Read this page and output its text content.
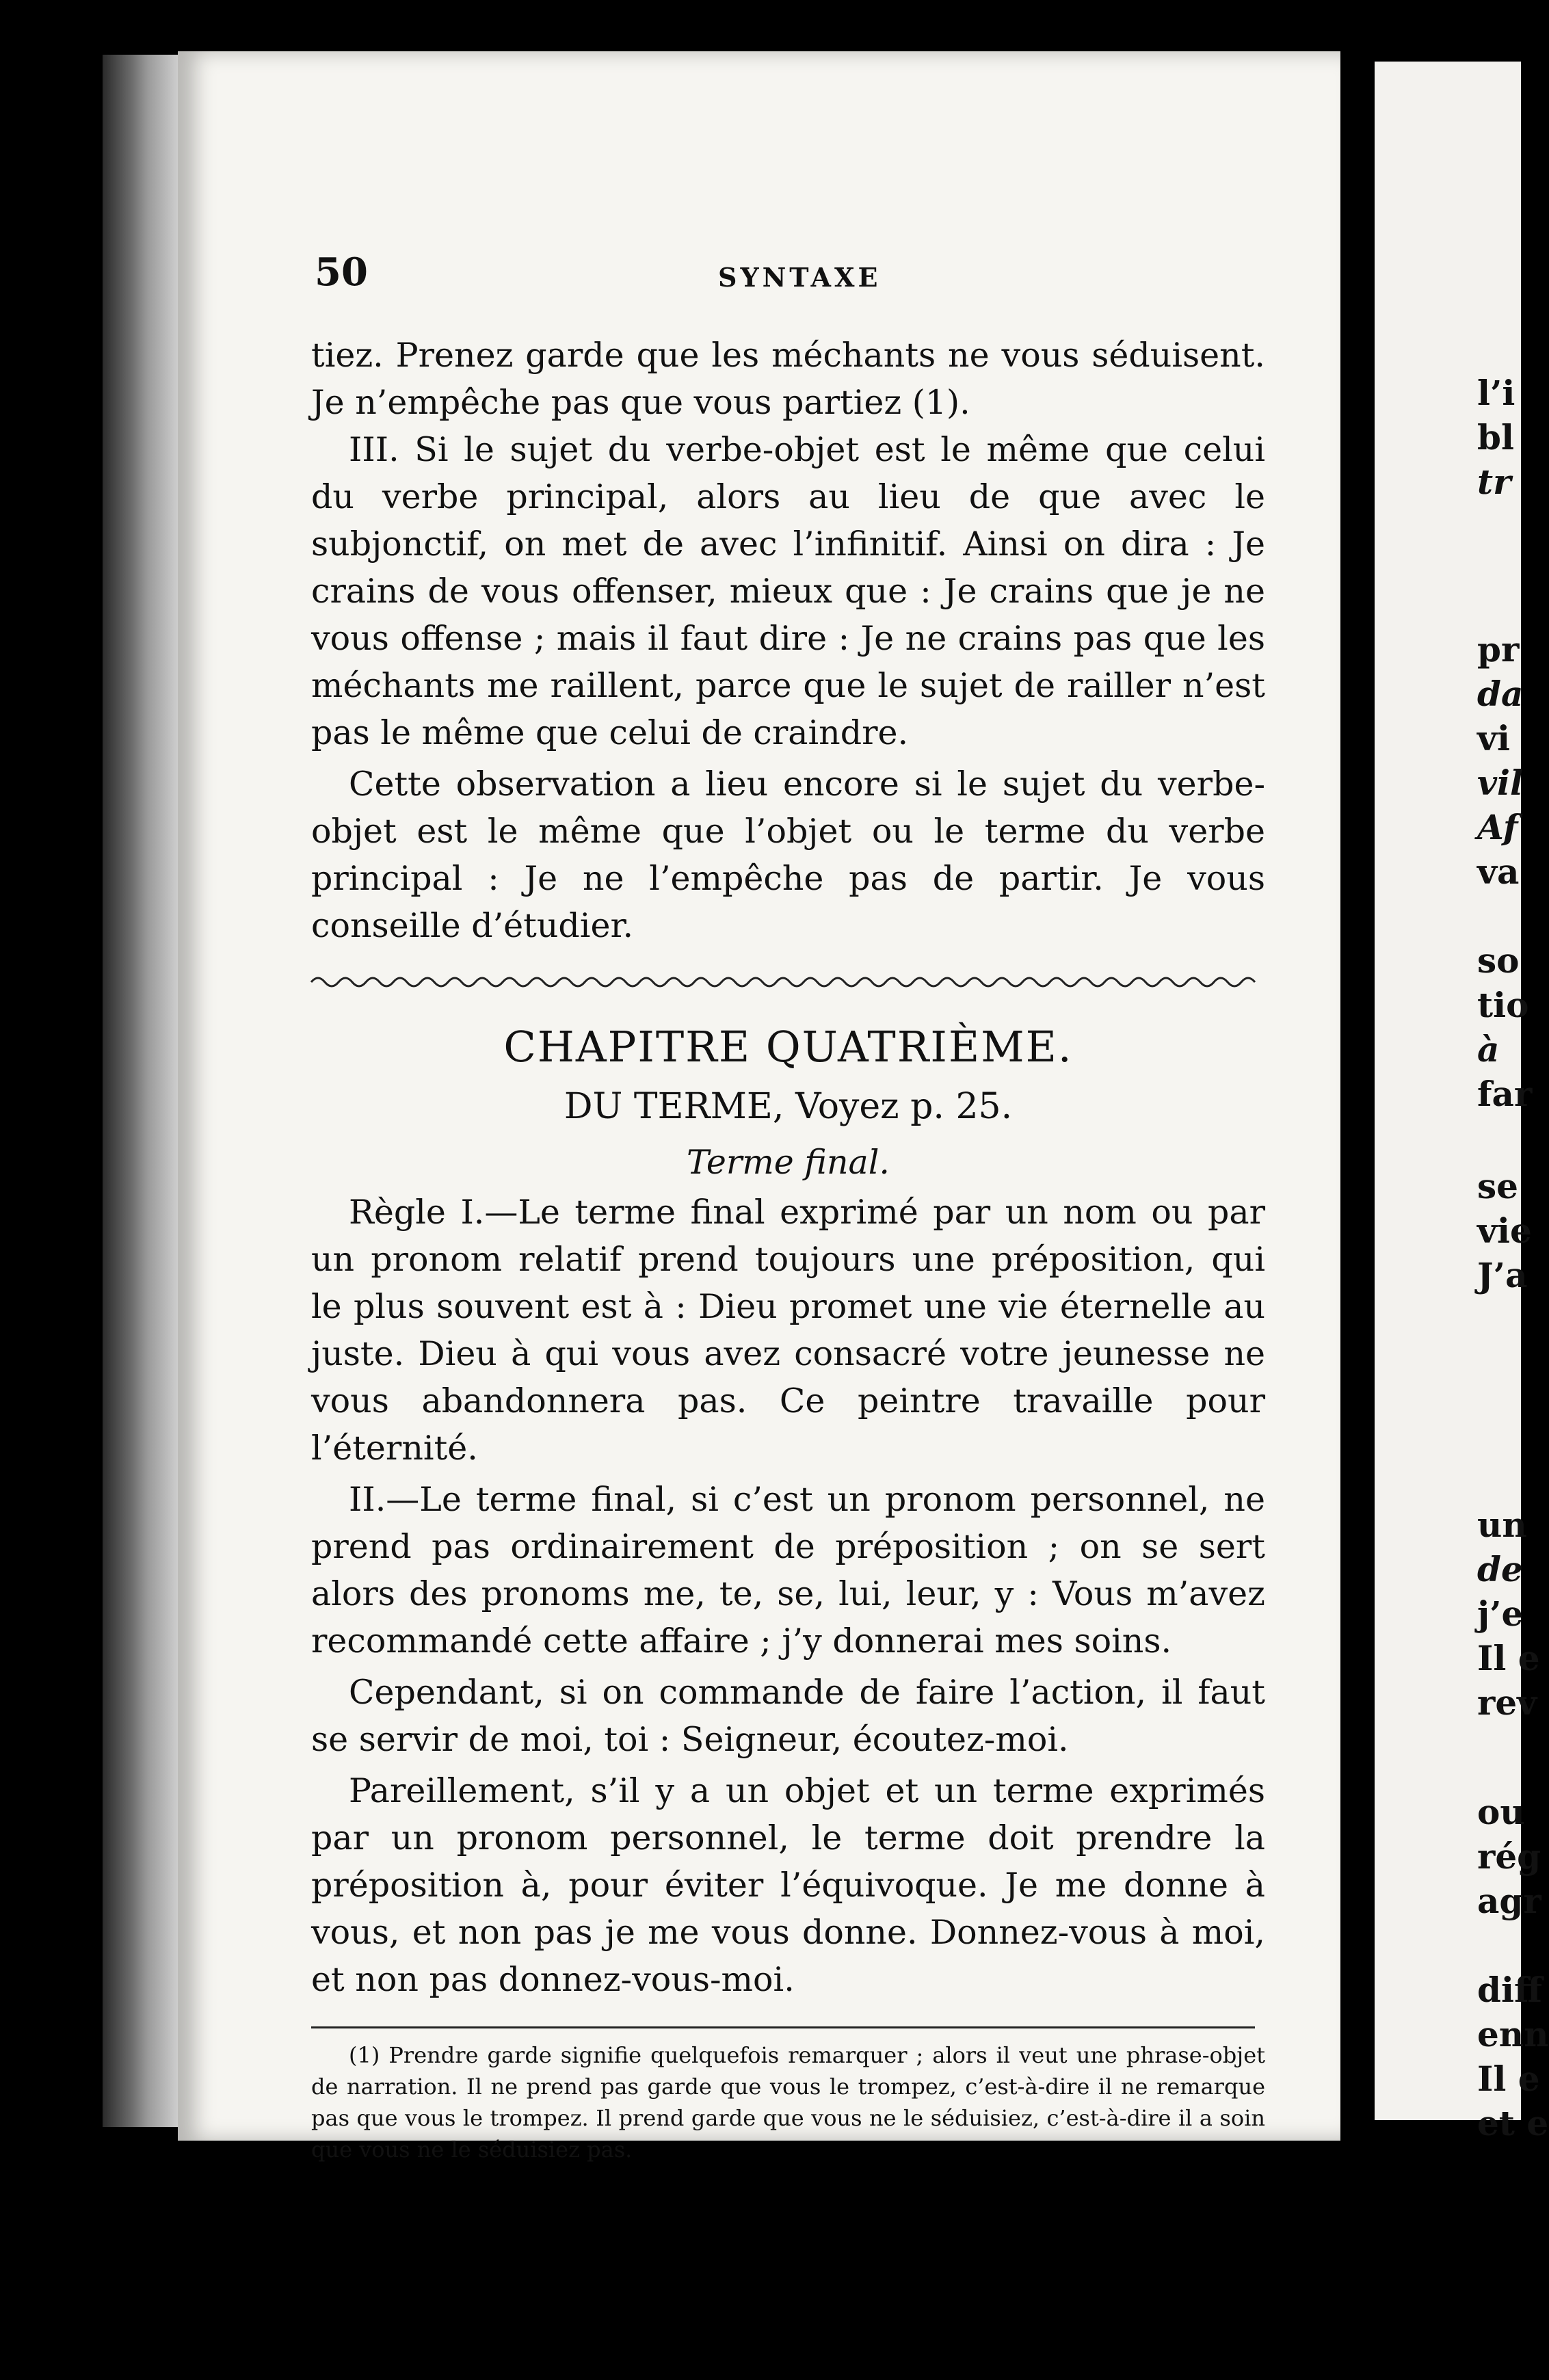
l’i
bl
tr
pr
da
vi
vil
Af
va
so
tio
à
far
se
vie
J’a
un
de
j’e
Il e
rev
ou
rég
agr
diff
enn
Il e
et e
50	SYNTAXE

tiez. Prenez garde que les méchants ne vous séduisent. Je n’empêche pas que vous partiez (1).

III. Si le sujet du verbe-objet est le même que celui du verbe principal, alors au lieu de que avec le subjonctif, on met de avec l’infinitif. Ainsi on dira : Je crains de vous offenser, mieux que : Je crains que je ne vous offense ; mais il faut dire : Je ne crains pas que les méchants me raillent, parce que le sujet de railler n’est pas le même que celui de craindre.

Cette observation a lieu encore si le sujet du verbe-objet est le même que l’objet ou le terme du verbe principal : Je ne l’empêche pas de partir. Je vous conseille d’étudier.

CHAPITRE QUATRIÈME.
DU TERME, Voyez p. 25.
Terme final.

Règle I.—Le terme final exprimé par un nom ou par un pronom relatif prend toujours une préposition, qui le plus souvent est à : Dieu promet une vie éternelle au juste. Dieu à qui vous avez consacré votre jeunesse ne vous abandonnera pas. Ce peintre travaille pour l’éternité.

II.—Le terme final, si c’est un pronom personnel, ne prend pas ordinairement de préposition ; on se sert alors des pronoms me, te, se, lui, leur, y : Vous m’avez recommandé cette affaire ; j’y donnerai mes soins.

Cependant, si on commande de faire l’action, il faut se servir de moi, toi : Seigneur, écoutez-moi.

Pareillement, s’il y a un objet et un terme exprimés par un pronom personnel, le terme doit prendre la préposition à, pour éviter l’équivoque. Je me donne à vous, et non pas je me vous donne. Donnez-vous à moi, et non pas donnez-vous-moi.

(1) Prendre garde signifie quelquefois remarquer ; alors il veut une phrase-objet de narration. Il ne prend pas garde que vous le trompez, c’est-à-dire il ne remarque pas que vous le trompez. Il prend garde que vous ne le séduisiez, c’est-à-dire il a soin que vous ne le séduisiez pas.
